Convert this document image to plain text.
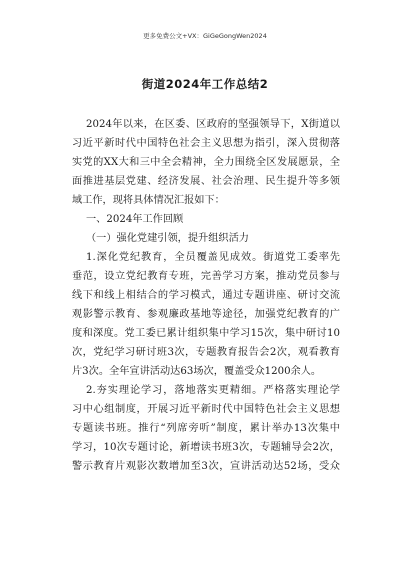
更多免费公文+VX：GiGeGongWen2024
街道2024年工作总结2
2024年以来，在区委、区政府的坚强领导下，X街道以
习近平新时代中国特色社会主义思想为指引，深入贯彻落
实党的XX大和三中全会精神，全力围绕全区发展愿景，全
面推进基层党建、经济发展、社会治理、民生提升等多领
域工作，现将具体情况汇报如下：
一、2024年工作回顾
（一）强化党建引领，提升组织活力
1.深化党纪教育，全员覆盖见成效。街道党工委率先
垂范，设立党纪教育专班，完善学习方案，推动党员参与
线下和线上相结合的学习模式，通过专题讲座、研讨交流
观影警示教育、参观廉政基地等途径，加强党纪教育的广
度和深度。党工委已累计组织集中学习15次，集中研讨10
次，党纪学习研讨班3次，专题教育报告会2次，观看教育
片3次。全年宣讲活动达63场次，覆盖受众1200余人。
2.夯实理论学习，落地落实更精细。严格落实理论学
习中心组制度，开展习近平新时代中国特色社会主义思想
专题读书班。推行“列席旁听”制度，累计举办13次集中
学习，10次专题讨论，新增读书班3次，专题辅导会2次，
警示教育片观影次数增加至3次，宣讲活动达52场，受众
